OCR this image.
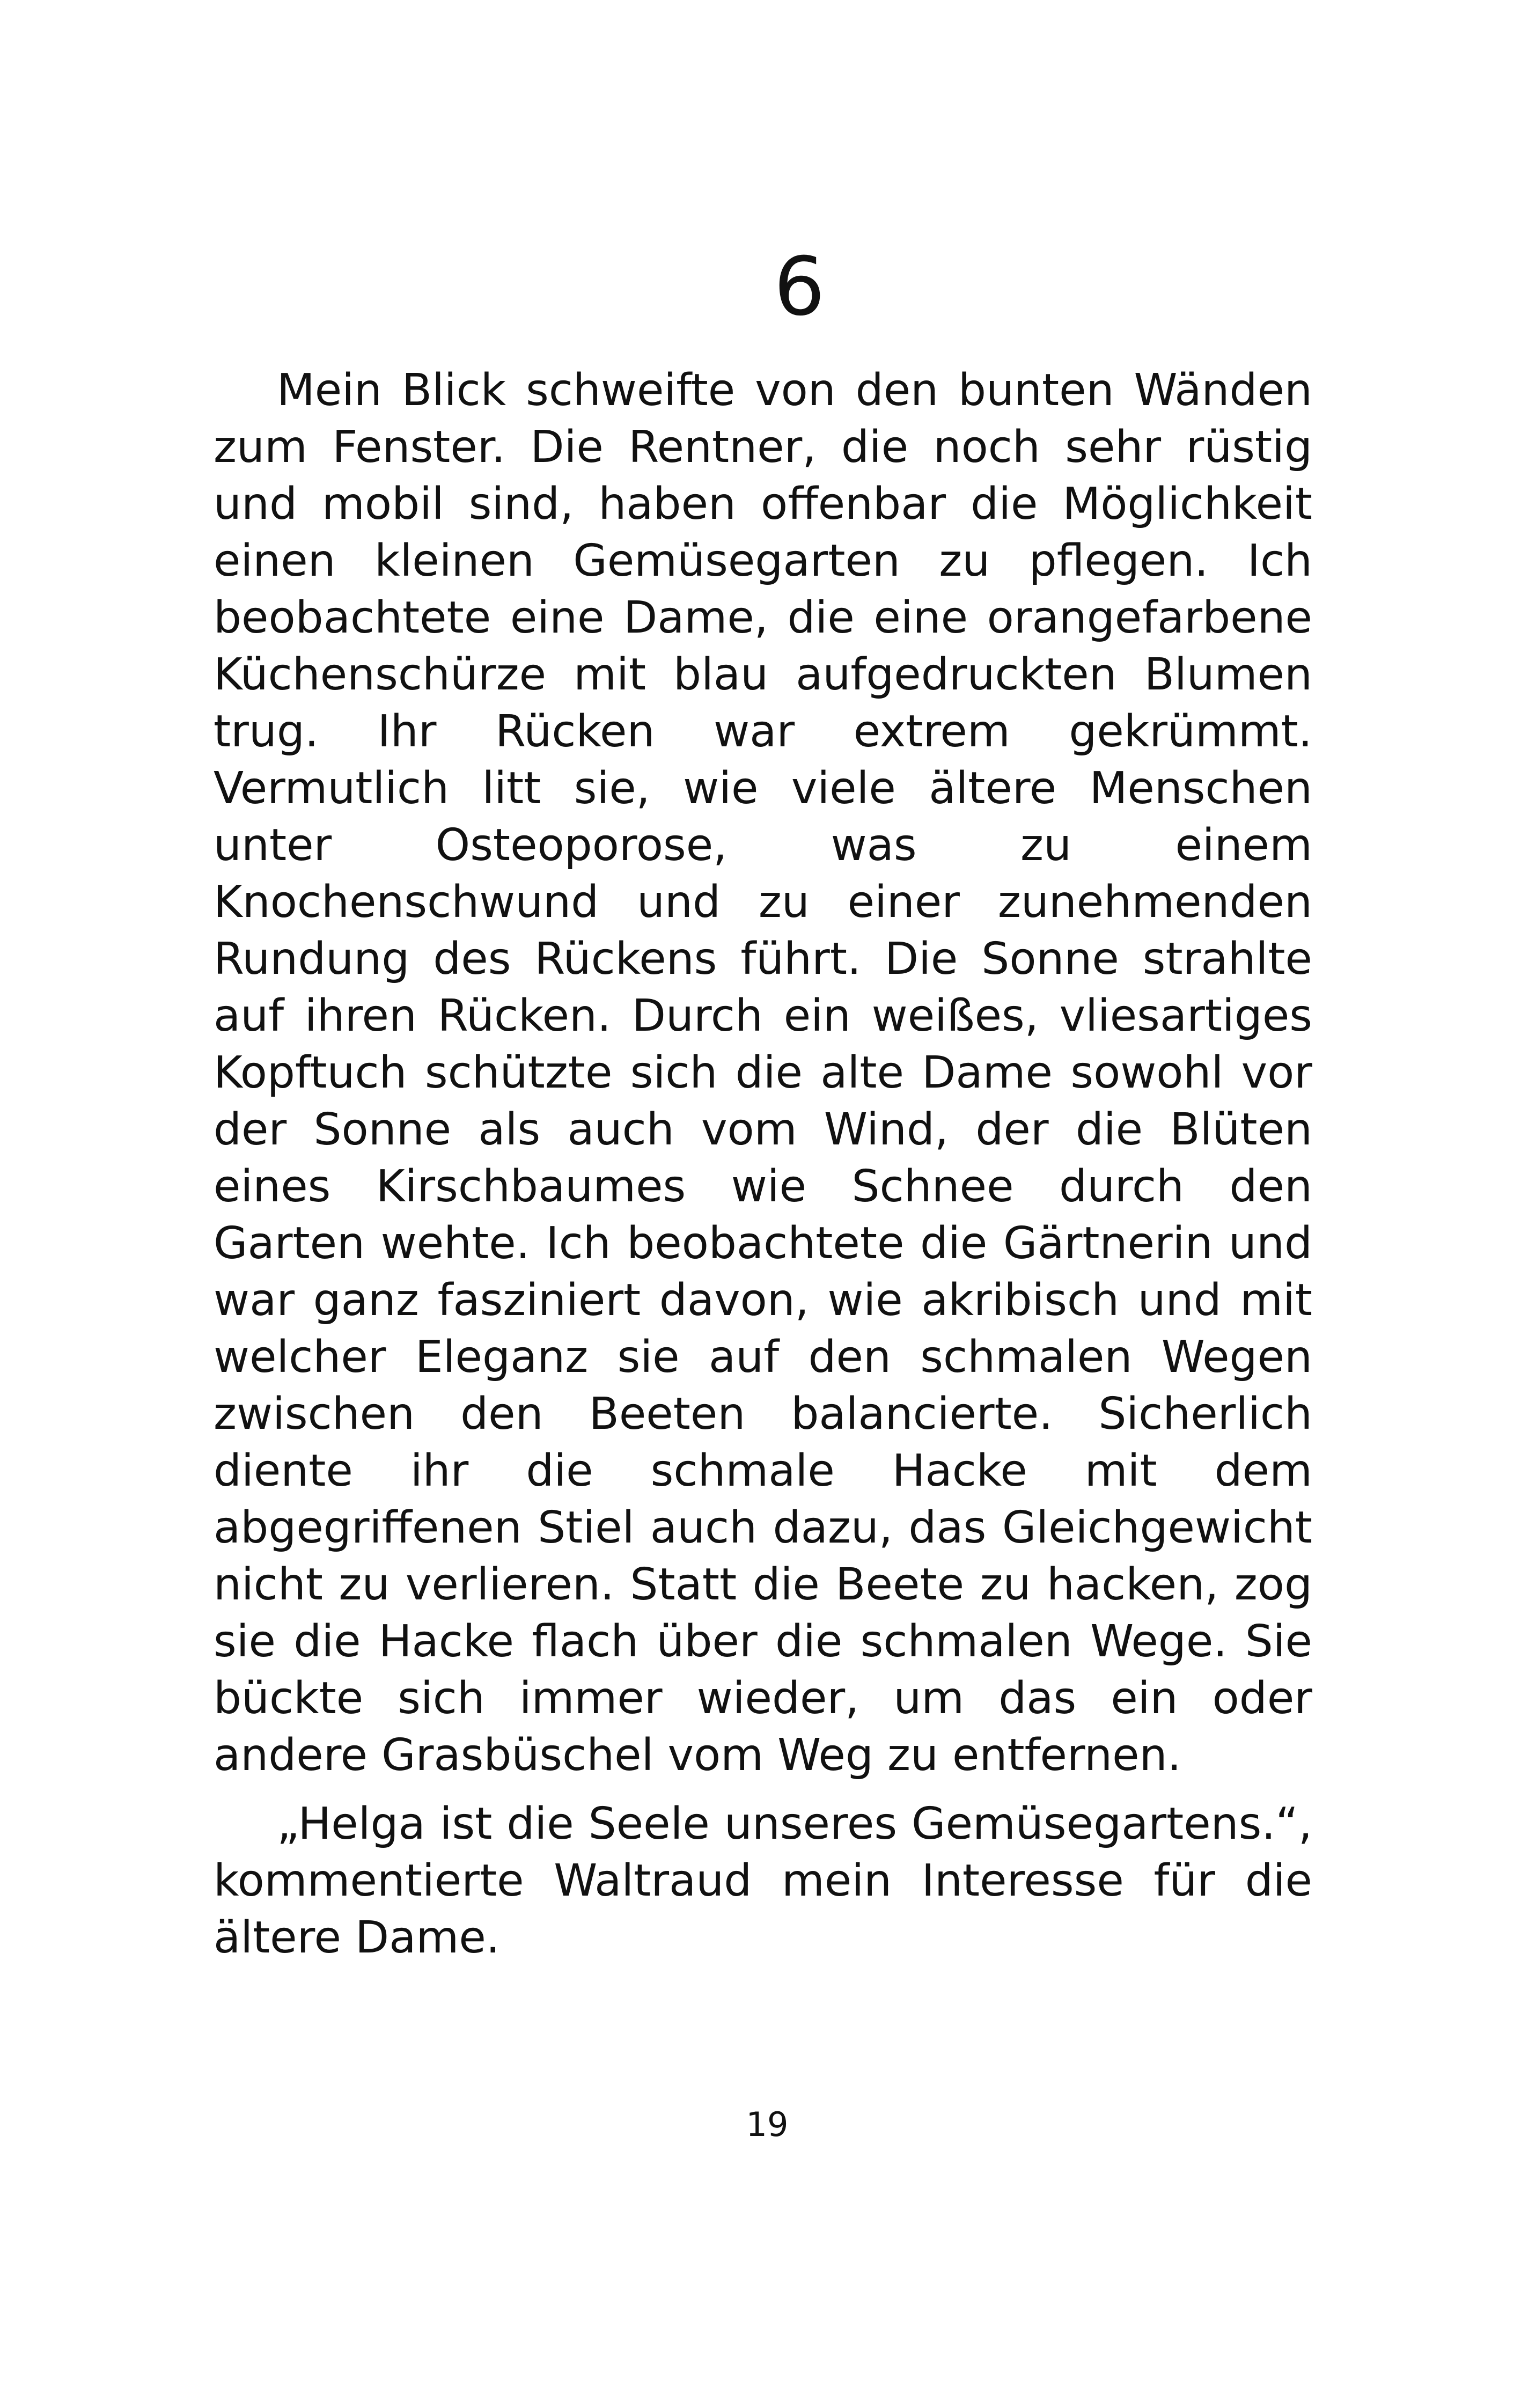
6

Mein Blick schweifte von den bunten Wänden zum Fenster. Die Rentner, die noch sehr rüstig und mobil sind, haben offenbar die Möglichkeit einen kleinen Gemüsegarten zu pflegen. Ich beobachtete eine Dame, die eine orangefarbene Küchenschürze mit blau aufgedruckten Blumen trug. Ihr Rücken war extrem gekrümmt. Vermutlich litt sie, wie viele ältere Menschen unter Osteoporose, was zu einem Knochenschwund und zu einer zunehmenden Rundung des Rückens führt. Die Sonne strahlte auf ihren Rücken. Durch ein weißes, vliesartiges Kopftuch schützte sich die alte Dame sowohl vor der Sonne als auch vom Wind, der die Blüten eines Kirschbaumes wie Schnee durch den Garten wehte. Ich beobachtete die Gärtnerin und war ganz fasziniert davon, wie akribisch und mit welcher Eleganz sie auf den schmalen Wegen zwischen den Beeten balancierte. Sicherlich diente ihr die schmale Hacke mit dem abgegriffenen Stiel auch dazu, das Gleichgewicht nicht zu verlieren. Statt die Beete zu hacken, zog sie die Hacke flach über die schmalen Wege. Sie bückte sich immer wieder, um das ein oder andere Grasbüschel vom Weg zu entfernen.

„Helga ist die Seele unseres Gemüsegartens.“, kommentierte Waltraud mein Interesse für die ältere Dame.

19
